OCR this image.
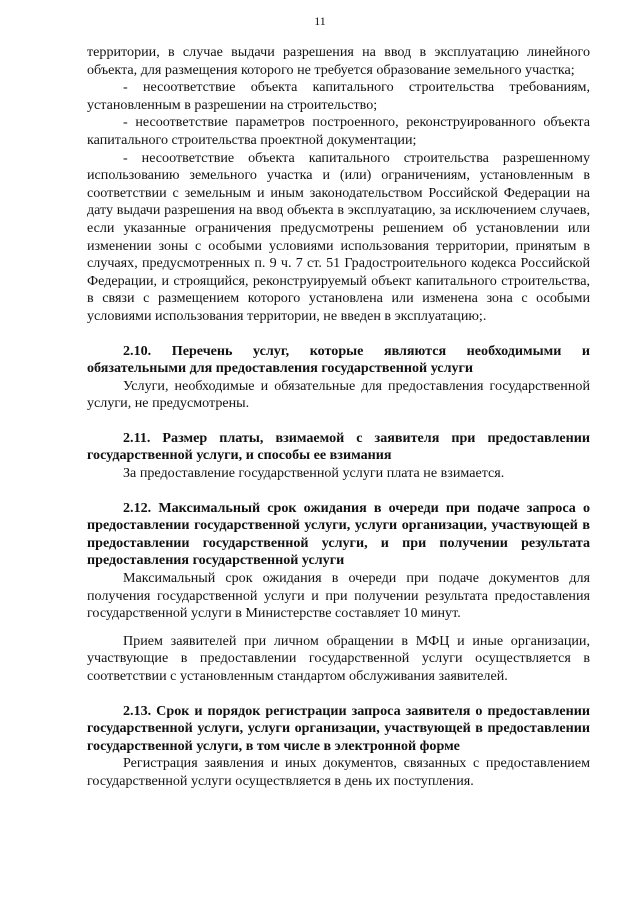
11

территории, в случае выдачи разрешения на ввод в эксплуатацию линейного объекта, для размещения которого не требуется образование земельного участка;

- несоответствие объекта капитального строительства требованиям, установленным в разрешении на строительство;

- несоответствие параметров построенного, реконструированного объекта капитального строительства проектной документации;

- несоответствие объекта капитального строительства разрешенному использованию земельного участка и (или) ограничениям, установленным в соответствии с земельным и иным законодательством Российской Федерации на дату выдачи разрешения на ввод объекта в эксплуатацию, за исключением случаев, если указанные ограничения предусмотрены решением об установлении или изменении зоны с особыми условиями использования территории, принятым в случаях, предусмотренных п. 9 ч. 7 ст. 51 Градостроительного кодекса Российской Федерации, и строящийся, реконструируемый объект капитального строительства, в связи с размещением которого установлена или изменена зона с особыми условиями использования территории, не введен в эксплуатацию;.

2.10. Перечень услуг, которые являются необходимыми и обязательными для предоставления государственной услуги

Услуги, необходимые и обязательные для предоставления государственной услуги, не предусмотрены.

2.11. Размер платы, взимаемой с заявителя при предоставлении государственной услуги, и способы ее взимания

За предоставление государственной услуги плата не взимается.

2.12. Максимальный срок ожидания в очереди при подаче запроса о предоставлении государственной услуги, услуги организации, участвующей в предоставлении государственной услуги, и при получении результата предоставления государственной услуги

Максимальный срок ожидания в очереди при подаче документов для получения государственной услуги и при получении результата предоставления государственной услуги в Министерстве составляет 10 минут.

Прием заявителей при личном обращении в МФЦ и иные организации, участвующие в предоставлении государственной услуги осуществляется в соответствии с установленным стандартом обслуживания заявителей.

2.13. Срок и порядок регистрации запроса заявителя о предоставлении государственной услуги, услуги организации, участвующей в предоставлении государственной услуги, в том числе в электронной форме

Регистрация заявления и иных документов, связанных с предоставлением государственной услуги осуществляется в день их поступления.
